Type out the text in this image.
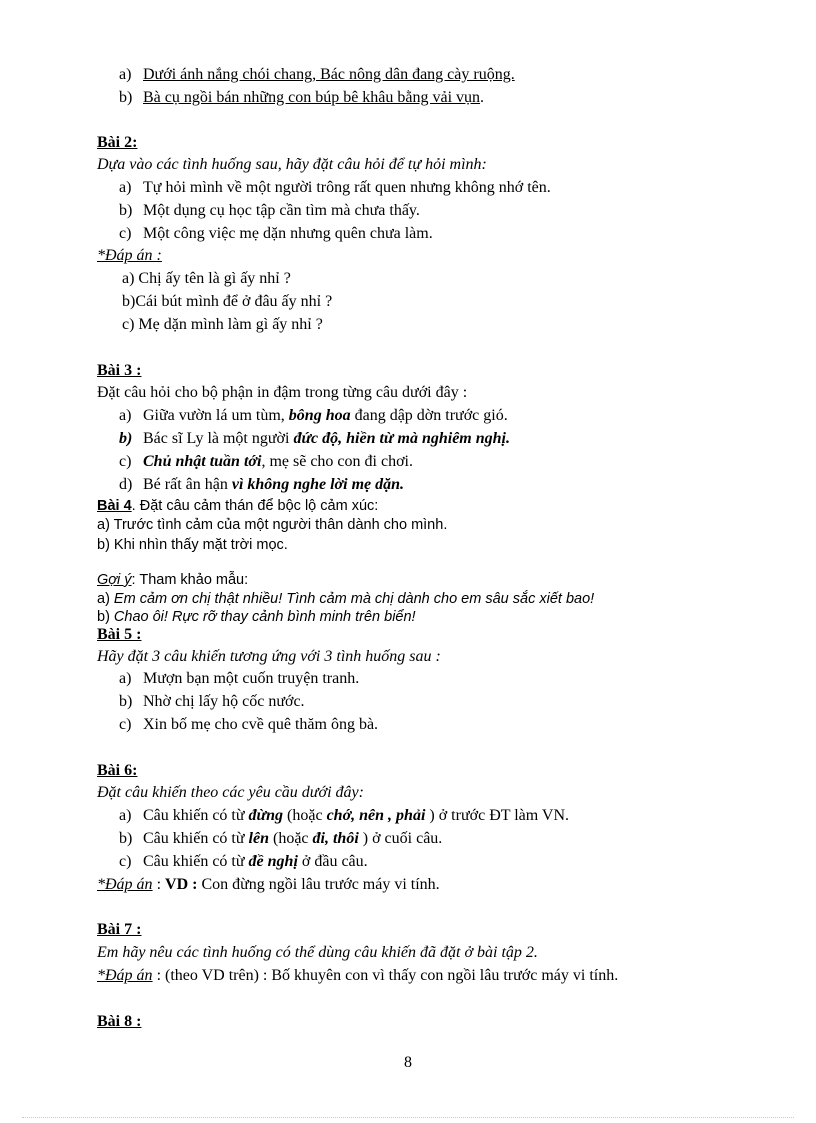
a) Dưới ánh nắng chói chang, Bác nông dân đang cày ruộng.
b) Bà cụ ngồi bán những con búp bê khâu bằng vải vụn.
Bài 2:
Dựa vào các tình huống sau, hãy đặt câu hỏi để tự hỏi mình:
a) Tự hỏi mình về một người trông rất quen nhưng không nhớ tên.
b) Một dụng cụ học tập cần tìm mà chưa thấy.
c) Một công việc mẹ dặn nhưng quên chưa làm.
*Đáp án :
a) Chị ấy tên là gì ấy nhỉ ?
b)Cái bút mình để ở đâu ấy nhỉ ?
c) Mẹ dặn mình làm gì ấy nhỉ ?
Bài 3 :
Đặt câu hỏi cho bộ phận in đậm trong từng câu dưới đây :
a) Giữa vườn lá um tùm, bông hoa đang dập dờn trước gió.
b) Bác sĩ Ly là một người đức độ, hiền từ mà nghiêm nghị.
c) Chủ nhật tuần tới, mẹ sẽ cho con đi chơi.
d) Bé rất ân hận vì không nghe lời mẹ dặn.
Bài 4. Đặt câu cảm thán để bộc lộ cảm xúc:
a) Trước tình cảm của một người thân dành cho mình.
b) Khi nhìn thấy mặt trời mọc.
Gợi ý: Tham khảo mẫu:
a) Em cảm ơn chị thật nhiều! Tình cảm mà chị dành cho em sâu sắc xiết bao!
b) Chao ôi! Rực rỡ thay cảnh bình minh trên biển!
Bài 5 :
Hãy đặt 3 câu khiến tương ứng với 3 tình huống sau :
a) Mượn bạn một cuốn truyện tranh.
b) Nhờ chị lấy hộ cốc nước.
c) Xin bố mẹ cho cvề quê thăm ông bà.
Bài 6:
Đặt câu khiến theo các yêu cầu dưới đây:
a) Câu khiến có từ đừng (hoặc chớ, nên , phải ) ở trước ĐT làm VN.
b) Câu khiến có từ lên (hoặc đi, thôi ) ở cuối câu.
c) Câu khiến có từ đề nghị ở đầu câu.
*Đáp án : VD : Con đừng ngồi lâu trước máy vi tính.
Bài 7 :
Em hãy nêu các tình huống có thể dùng câu khiến đã đặt ở bài tập 2.
*Đáp án : (theo VD trên) : Bố khuyên con vì thấy con ngồi lâu trước máy vi tính.
Bài 8 :
8
